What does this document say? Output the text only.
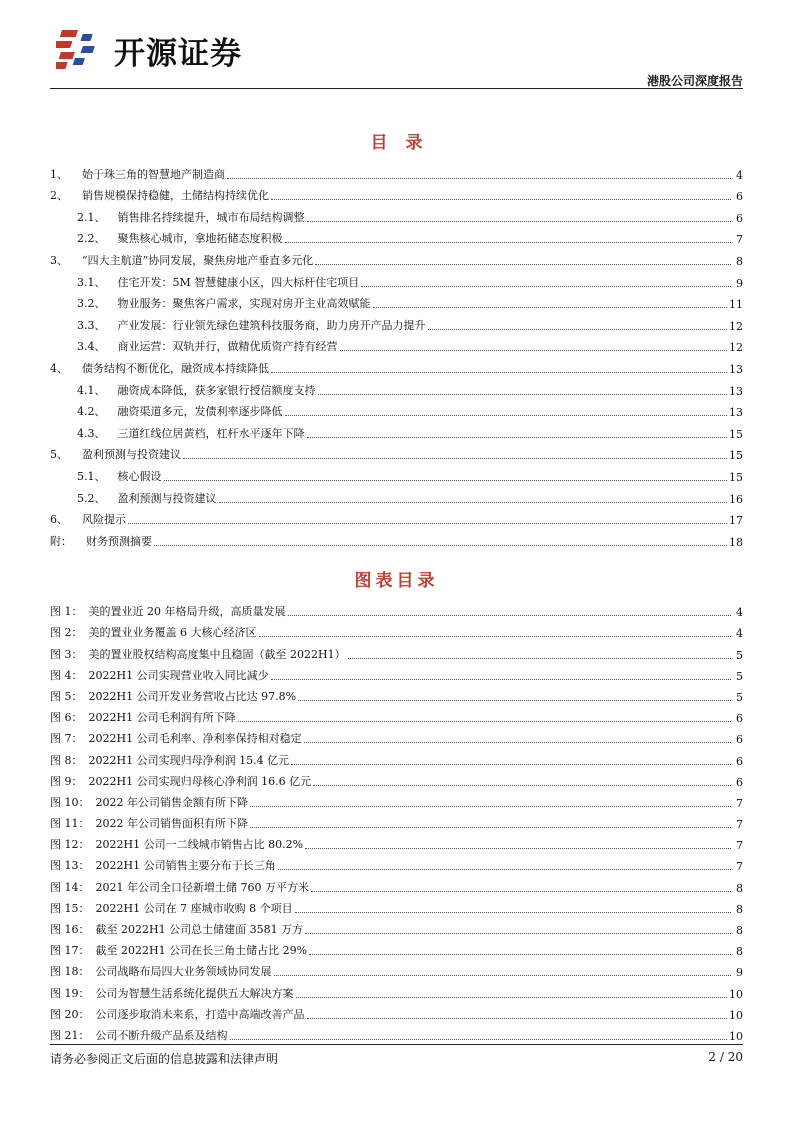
开源证券
港股公司深度报告
目录
1、 始于珠三角的智慧地产制造商	4
2、 销售规模保持稳健，土储结构持续优化	6
2.1、 销售排名持续提升，城市布局结构调整	6
2.2、 聚焦核心城市，拿地拓储态度积极	7
3、 “四大主航道”协同发展，聚焦房地产垂直多元化	8
3.1、 住宅开发：5M 智慧健康小区，四大标杆住宅项目	9
3.2、 物业服务：聚焦客户需求，实现对房开主业高效赋能	11
3.3、 产业发展：行业领先绿色建筑科技服务商，助力房开产品力提升	12
3.4、 商业运营：双轨并行，做精优质资产持有经营	12
4、 债务结构不断优化，融资成本持续降低	13
4.1、 融资成本降低，获多家银行授信额度支持	13
4.2、 融资渠道多元，发债利率逐步降低	13
4.3、 三道红线位居黄档，杠杆水平逐年下降	15
5、 盈利预测与投资建议	15
5.1、 核心假设	15
5.2、 盈利预测与投资建议	16
6、 风险提示	17
附： 财务预测摘要	18
图表目录
图 1： 美的置业近 20 年格局升级，高质量发展	4
图 2： 美的置业业务覆盖 6 大核心经济区	4
图 3： 美的置业股权结构高度集中且稳固（截至 2022H1）	5
图 4： 2022H1 公司实现营业收入同比减少	5
图 5： 2022H1 公司开发业务营收占比达 97.8%	5
图 6： 2022H1 公司毛利润有所下降	6
图 7： 2022H1 公司毛利率、净利率保持相对稳定	6
图 8： 2022H1 公司实现归母净利润 15.4 亿元	6
图 9： 2022H1 公司实现归母核心净利润 16.6 亿元	6
图 10： 2022 年公司销售金额有所下降	7
图 11： 2022 年公司销售面积有所下降	7
图 12： 2022H1 公司一二线城市销售占比 80.2%	7
图 13： 2022H1 公司销售主要分布于长三角	7
图 14： 2021 年公司全口径新增土储 760 万平方米	8
图 15： 2022H1 公司在 7 座城市收购 8 个项目	8
图 16： 截至 2022H1 公司总土储建面 3581 万方	8
图 17： 截至 2022H1 公司在长三角土储占比 29%	8
图 18： 公司战略布局四大业务领域协同发展	9
图 19： 公司为智慧生活系统化提供五大解决方案	10
图 20： 公司逐步取消未来系，打造中高端改善产品	10
图 21： 公司不断升级产品系及结构	10
请务必参阅正文后面的信息披露和法律声明	2 / 20
